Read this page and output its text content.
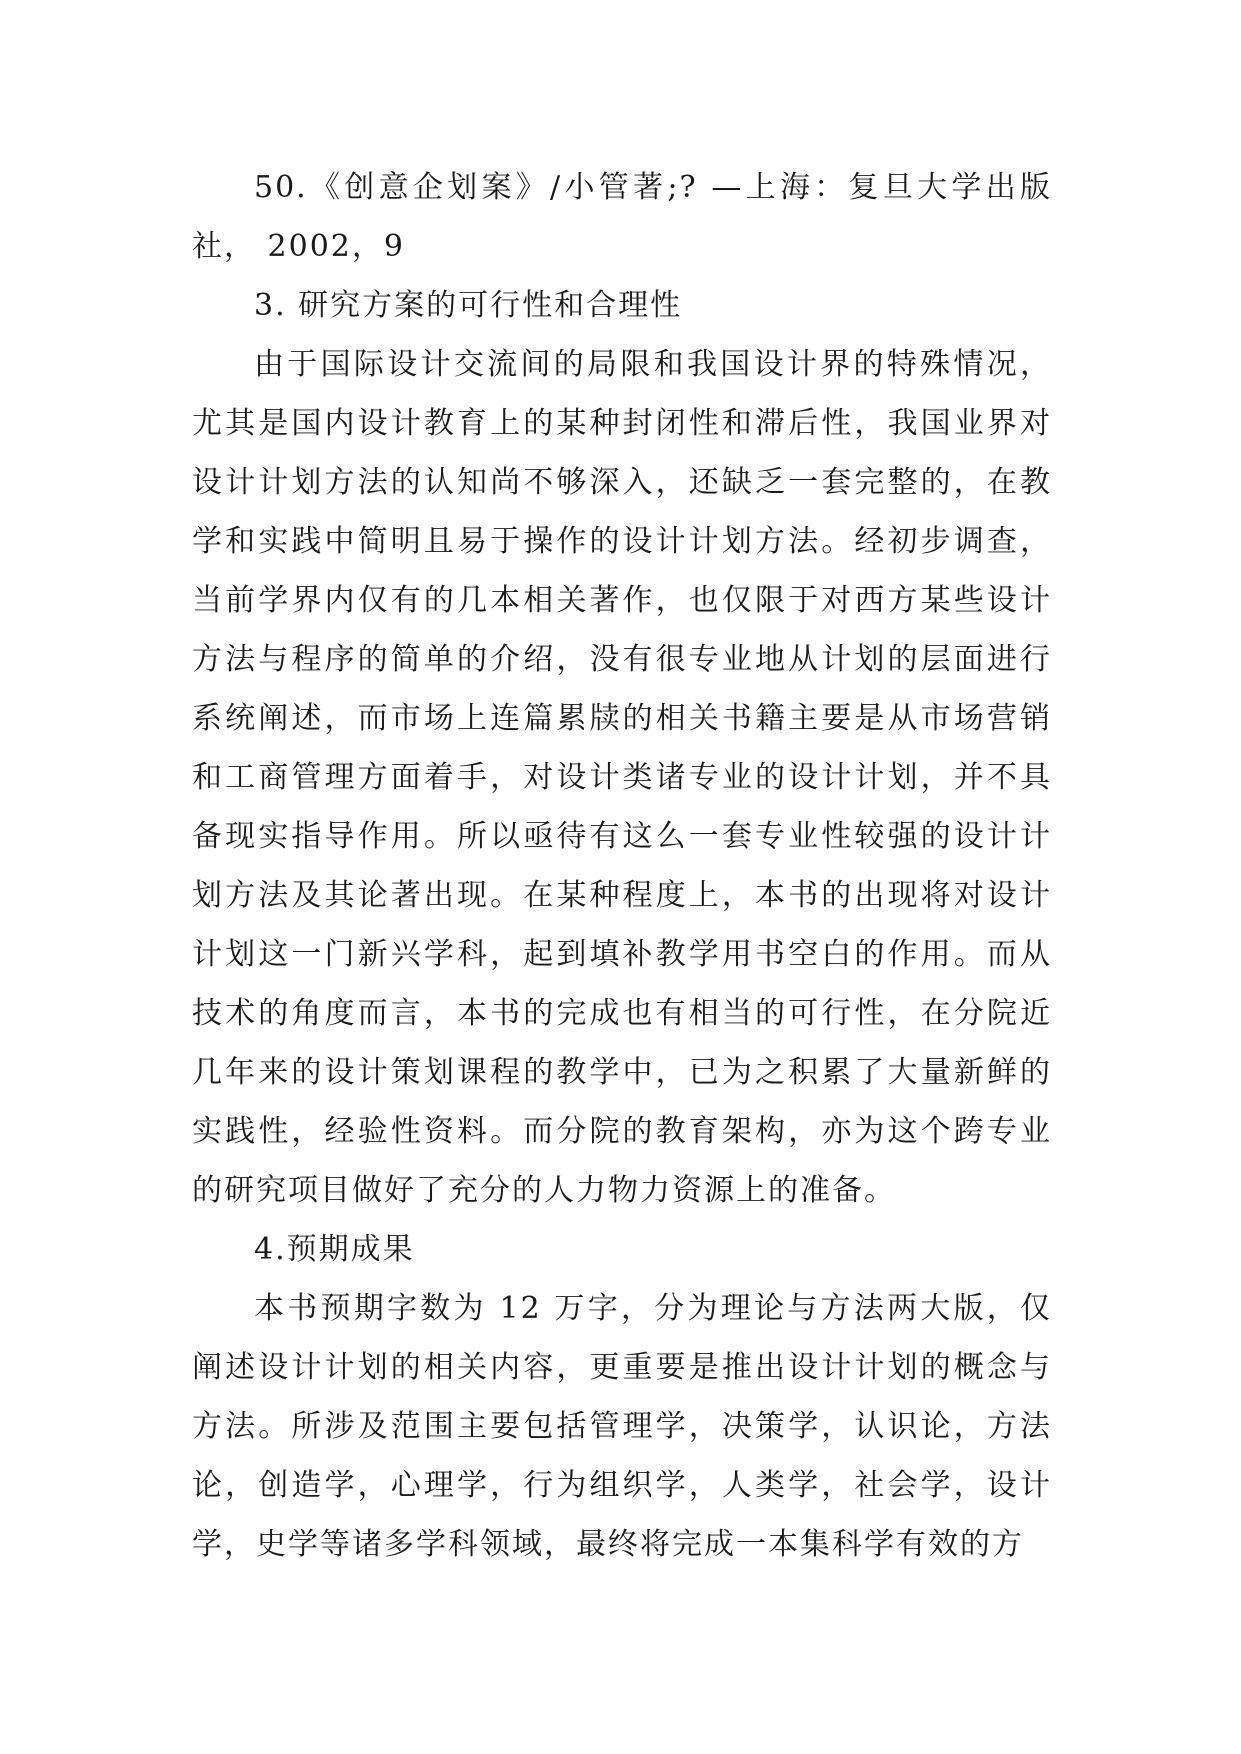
50.《创意企划案》/小管著;? —上海：复旦大学出版社， 2002，9

3. 研究方案的可行性和合理性

由于国际设计交流间的局限和我国设计界的特殊情况，尤其是国内设计教育上的某种封闭性和滞后性，我国业界对设计计划方法的认知尚不够深入，还缺乏一套完整的，在教学和实践中简明且易于操作的设计计划方法。经初步调查，当前学界内仅有的几本相关著作，也仅限于对西方某些设计方法与程序的简单的介绍，没有很专业地从计划的层面进行系统阐述，而市场上连篇累牍的相关书籍主要是从市场营销和工商管理方面着手，对设计类诸专业的设计计划，并不具备现实指导作用。所以亟待有这么一套专业性较强的设计计划方法及其论著出现。在某种程度上，本书的出现将对设计计划这一门新兴学科，起到填补教学用书空白的作用。而从技术的角度而言，本书的完成也有相当的可行性，在分院近几年来的设计策划课程的教学中，已为之积累了大量新鲜的实践性，经验性资料。而分院的教育架构，亦为这个跨专业的研究项目做好了充分的人力物力资源上的准备。

4.预期成果

本书预期字数为 12 万字，分为理论与方法两大版，仅阐述设计计划的相关内容，更重要是推出设计计划的概念与方法。所涉及范围主要包括管理学，决策学，认识论，方法论，创造学，心理学，行为组织学，人类学，社会学，设计学，史学等诸多学科领域，最终将完成一本集科学有效的方
